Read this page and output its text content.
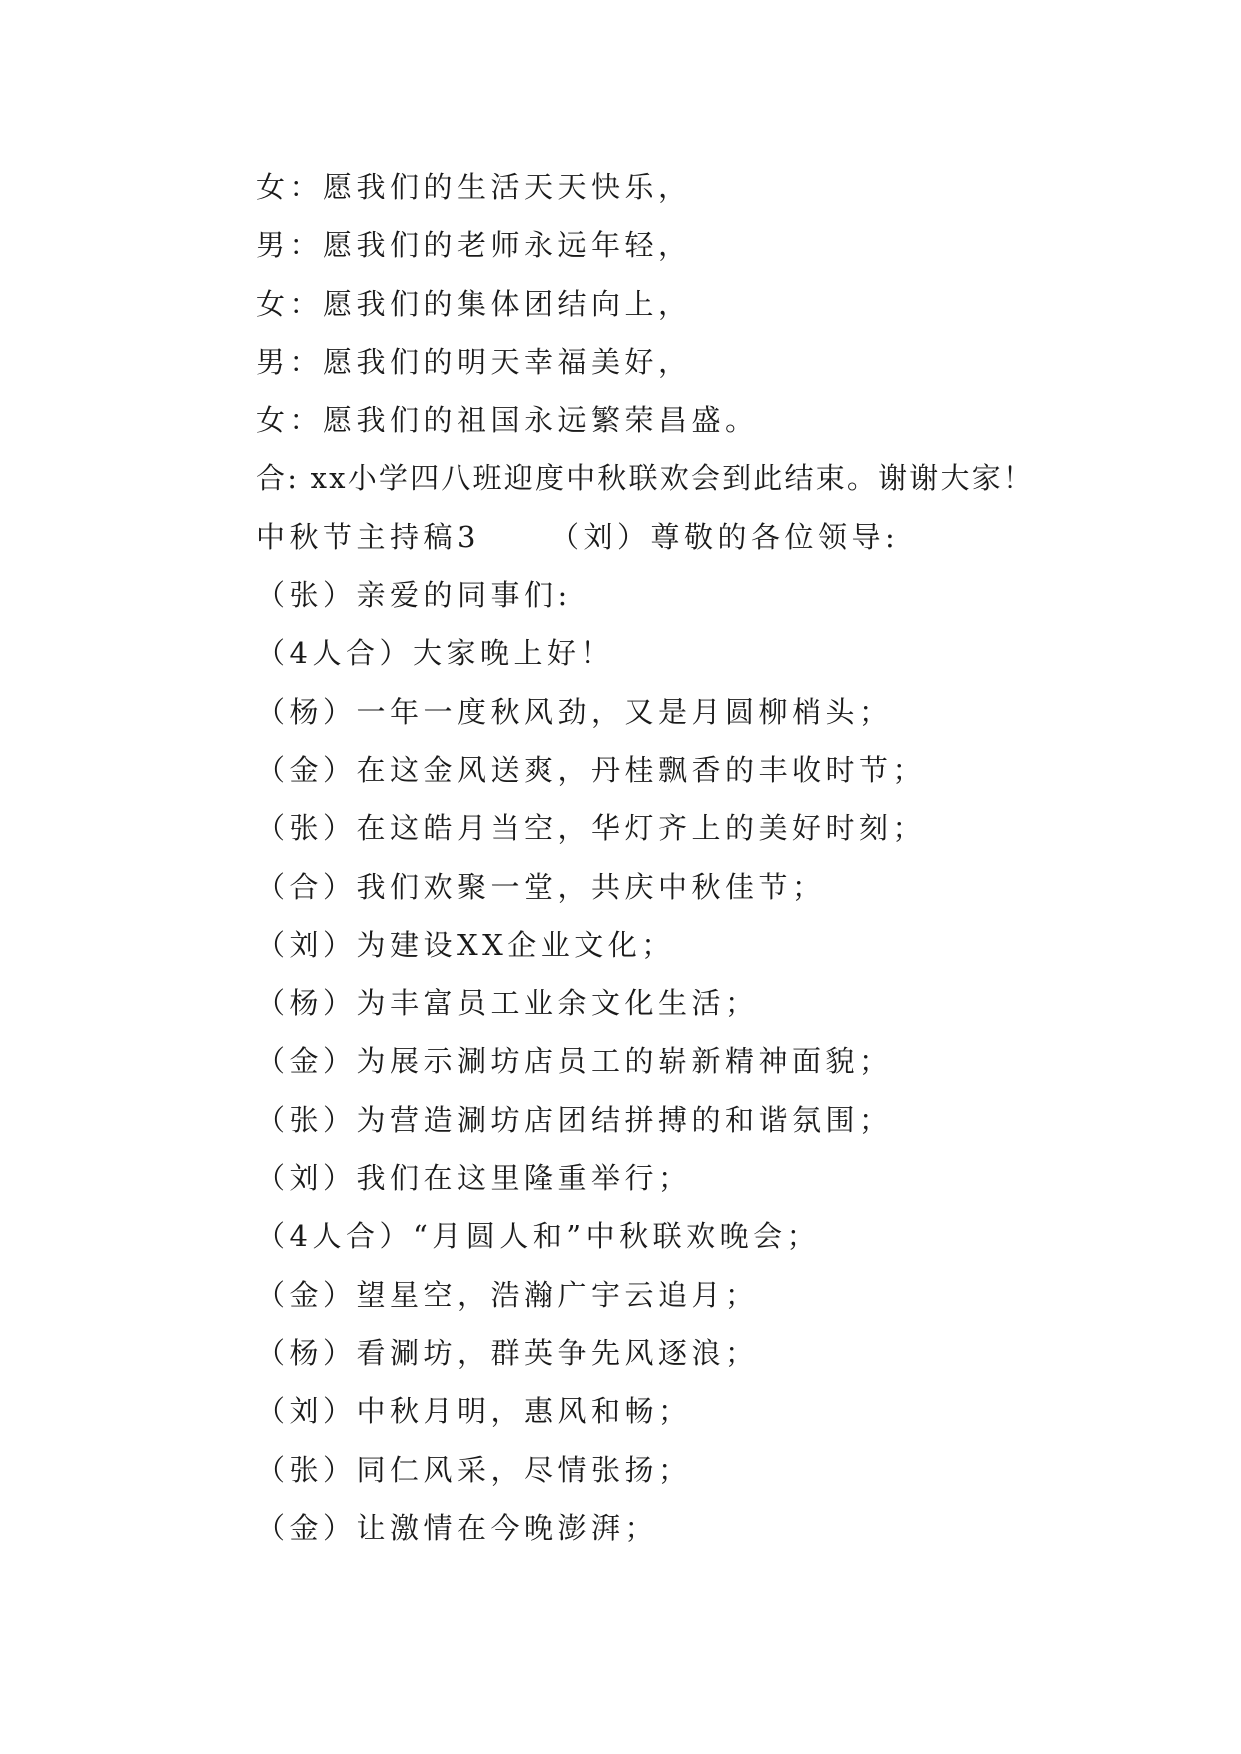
女：愿我们的生活天天快乐，
男：愿我们的老师永远年轻，
女：愿我们的集体团结向上，
男：愿我们的明天幸福美好，
女：愿我们的祖国永远繁荣昌盛。
合: xx小学四八班迎度中秋联欢会到此结束。谢谢大家！
中秋节主持稿3 （刘）尊敬的各位领导:
（张）亲爱的同事们:
（4人合）大家晚上好！
（杨）一年一度秋风劲，又是月圆柳梢头；
（金）在这金风送爽，丹桂飘香的丰收时节；
（张）在这皓月当空，华灯齐上的美好时刻；
（合）我们欢聚一堂，共庆中秋佳节；
（刘）为建设XX企业文化；
（杨）为丰富员工业余文化生活；
（金）为展示涮坊店员工的崭新精神面貌；
（张）为营造涮坊店团结拼搏的和谐氛围；
（刘）我们在这里隆重举行；
（4人合）“月圆人和”中秋联欢晚会；
（金）望星空，浩瀚广宇云追月；
（杨）看涮坊，群英争先风逐浪；
（刘）中秋月明，惠风和畅；
（张）同仁风采，尽情张扬；
（金）让激情在今晚澎湃；
